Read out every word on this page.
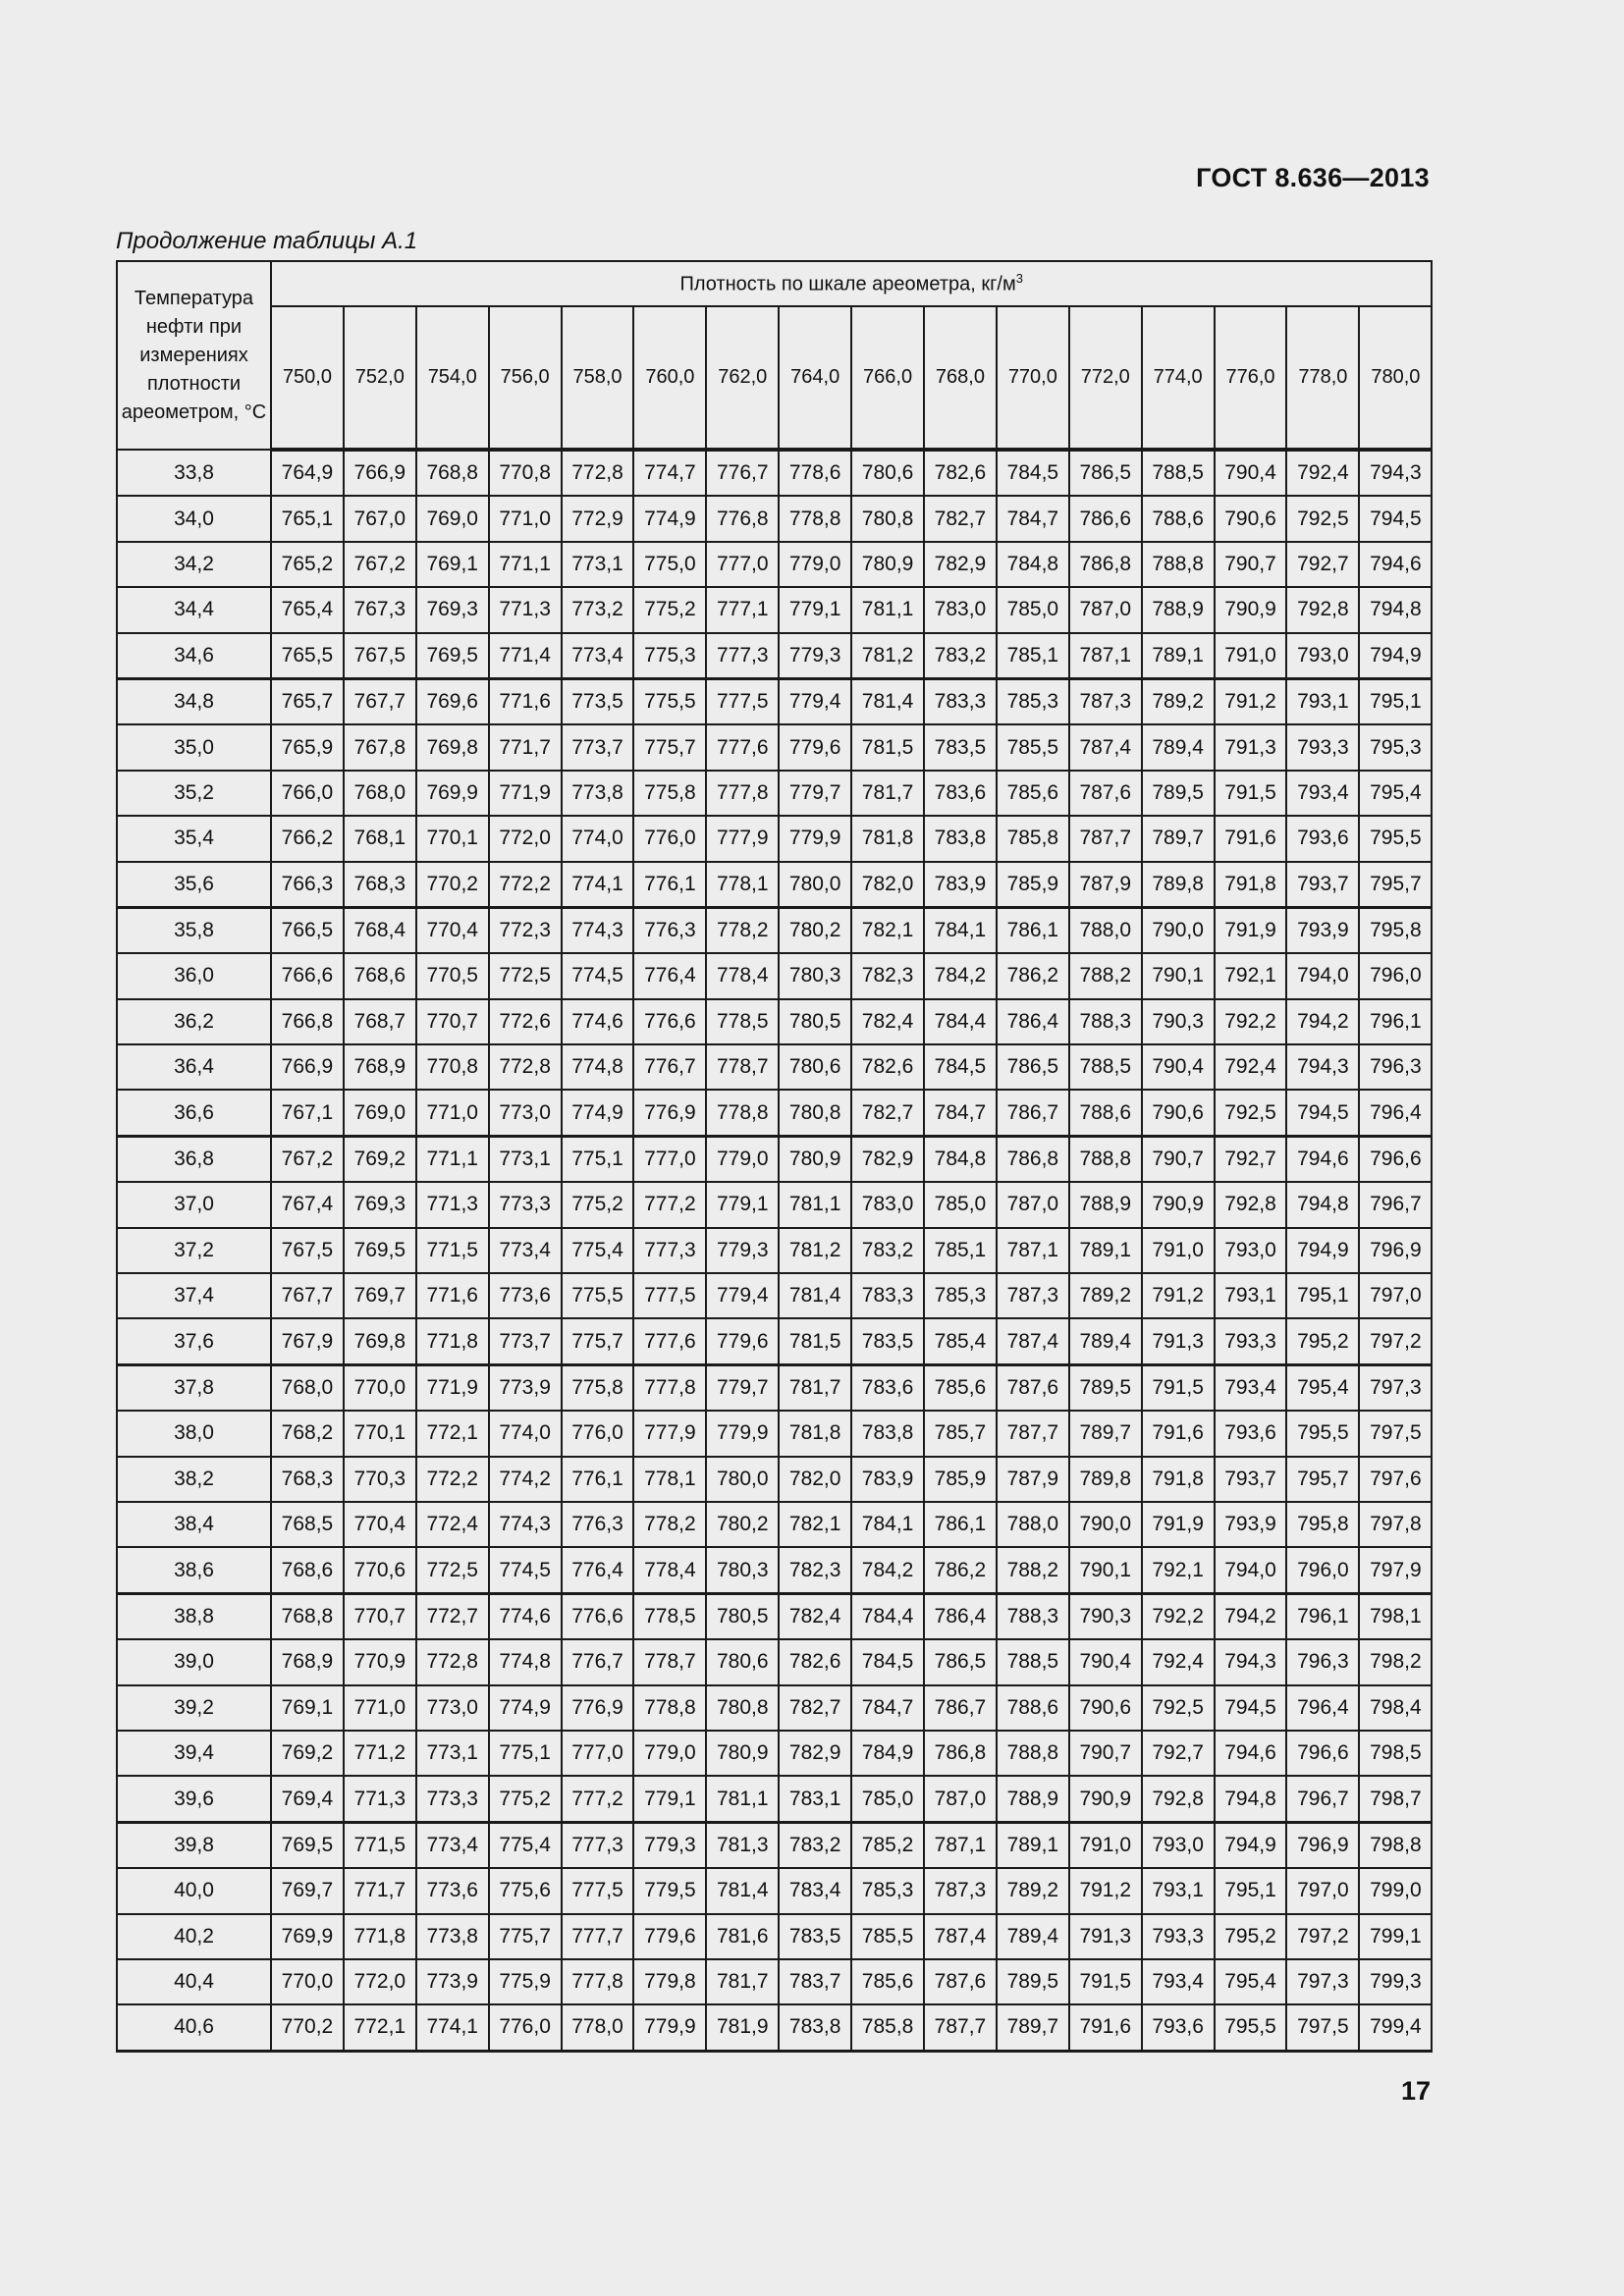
ГОСТ 8.636—2013
Продолжение таблицы А.1
Температура нефти при измерениях плотности ареометром, °С	Плотность по шкале ареометра, $кг/м^3$
	750,0	752,0	754,0	756,0	758,0	760,0	762,0	764,0	766,0	768,0	770,0	772,0	774,0	776,0	778,0	780,0
33,8	764,9	766,9	768,8	770,8	772,8	774,7	776,7	778,6	780,6	782,6	784,5	786,5	788,5	790,4	792,4	794,3
34,0	765,1	767,0	769,0	771,0	772,9	774,9	776,8	778,8	780,8	782,7	784,7	786,6	788,6	790,6	792,5	794,5
34,2	765,2	767,2	769,1	771,1	773,1	775,0	777,0	779,0	780,9	782,9	784,8	786,8	788,8	790,7	792,7	794,6
34,4	765,4	767,3	769,3	771,3	773,2	775,2	777,1	779,1	781,1	783,0	785,0	787,0	788,9	790,9	792,8	794,8
34,6	765,5	767,5	769,5	771,4	773,4	775,3	777,3	779,3	781,2	783,2	785,1	787,1	789,1	791,0	793,0	794,9
34,8	765,7	767,7	769,6	771,6	773,5	775,5	777,5	779,4	781,4	783,3	785,3	787,3	789,2	791,2	793,1	795,1
35,0	765,9	767,8	769,8	771,7	773,7	775,7	777,6	779,6	781,5	783,5	785,5	787,4	789,4	791,3	793,3	795,3
35,2	766,0	768,0	769,9	771,9	773,8	775,8	777,8	779,7	781,7	783,6	785,6	787,6	789,5	791,5	793,4	795,4
35,4	766,2	768,1	770,1	772,0	774,0	776,0	777,9	779,9	781,8	783,8	785,8	787,7	789,7	791,6	793,6	795,5
35,6	766,3	768,3	770,2	772,2	774,1	776,1	778,1	780,0	782,0	783,9	785,9	787,9	789,8	791,8	793,7	795,7
35,8	766,5	768,4	770,4	772,3	774,3	776,3	778,2	780,2	782,1	784,1	786,1	788,0	790,0	791,9	793,9	795,8
36,0	766,6	768,6	770,5	772,5	774,5	776,4	778,4	780,3	782,3	784,2	786,2	788,2	790,1	792,1	794,0	796,0
36,2	766,8	768,7	770,7	772,6	774,6	776,6	778,5	780,5	782,4	784,4	786,4	788,3	790,3	792,2	794,2	796,1
36,4	766,9	768,9	770,8	772,8	774,8	776,7	778,7	780,6	782,6	784,5	786,5	788,5	790,4	792,4	794,3	796,3
36,6	767,1	769,0	771,0	773,0	774,9	776,9	778,8	780,8	782,7	784,7	786,7	788,6	790,6	792,5	794,5	796,4
36,8	767,2	769,2	771,1	773,1	775,1	777,0	779,0	780,9	782,9	784,8	786,8	788,8	790,7	792,7	794,6	796,6
37,0	767,4	769,3	771,3	773,3	775,2	777,2	779,1	781,1	783,0	785,0	787,0	788,9	790,9	792,8	794,8	796,7
37,2	767,5	769,5	771,5	773,4	775,4	777,3	779,3	781,2	783,2	785,1	787,1	789,1	791,0	793,0	794,9	796,9
37,4	767,7	769,7	771,6	773,6	775,5	777,5	779,4	781,4	783,3	785,3	787,3	789,2	791,2	793,1	795,1	797,0
37,6	767,9	769,8	771,8	773,7	775,7	777,6	779,6	781,5	783,5	785,4	787,4	789,4	791,3	793,3	795,2	797,2
37,8	768,0	770,0	771,9	773,9	775,8	777,8	779,7	781,7	783,6	785,6	787,6	789,5	791,5	793,4	795,4	797,3
38,0	768,2	770,1	772,1	774,0	776,0	777,9	779,9	781,8	783,8	785,7	787,7	789,7	791,6	793,6	795,5	797,5
38,2	768,3	770,3	772,2	774,2	776,1	778,1	780,0	782,0	783,9	785,9	787,9	789,8	791,8	793,7	795,7	797,6
38,4	768,5	770,4	772,4	774,3	776,3	778,2	780,2	782,1	784,1	786,1	788,0	790,0	791,9	793,9	795,8	797,8
38,6	768,6	770,6	772,5	774,5	776,4	778,4	780,3	782,3	784,2	786,2	788,2	790,1	792,1	794,0	796,0	797,9
38,8	768,8	770,7	772,7	774,6	776,6	778,5	780,5	782,4	784,4	786,4	788,3	790,3	792,2	794,2	796,1	798,1
39,0	768,9	770,9	772,8	774,8	776,7	778,7	780,6	782,6	784,5	786,5	788,5	790,4	792,4	794,3	796,3	798,2
39,2	769,1	771,0	773,0	774,9	776,9	778,8	780,8	782,7	784,7	786,7	788,6	790,6	792,5	794,5	796,4	798,4
39,4	769,2	771,2	773,1	775,1	777,0	779,0	780,9	782,9	784,9	786,8	788,8	790,7	792,7	794,6	796,6	798,5
39,6	769,4	771,3	773,3	775,2	777,2	779,1	781,1	783,1	785,0	787,0	788,9	790,9	792,8	794,8	796,7	798,7
39,8	769,5	771,5	773,4	775,4	777,3	779,3	781,3	783,2	785,2	787,1	789,1	791,0	793,0	794,9	796,9	798,8
40,0	769,7	771,7	773,6	775,6	777,5	779,5	781,4	783,4	785,3	787,3	789,2	791,2	793,1	795,1	797,0	799,0
40,2	769,9	771,8	773,8	775,7	777,7	779,6	781,6	783,5	785,5	787,4	789,4	791,3	793,3	795,2	797,2	799,1
40,4	770,0	772,0	773,9	775,9	777,8	779,8	781,7	783,7	785,6	787,6	789,5	791,5	793,4	795,4	797,3	799,3
40,6	770,2	772,1	774,1	776,0	778,0	779,9	781,9	783,8	785,8	787,7	789,7	791,6	793,6	795,5	797,5	799,4
17
